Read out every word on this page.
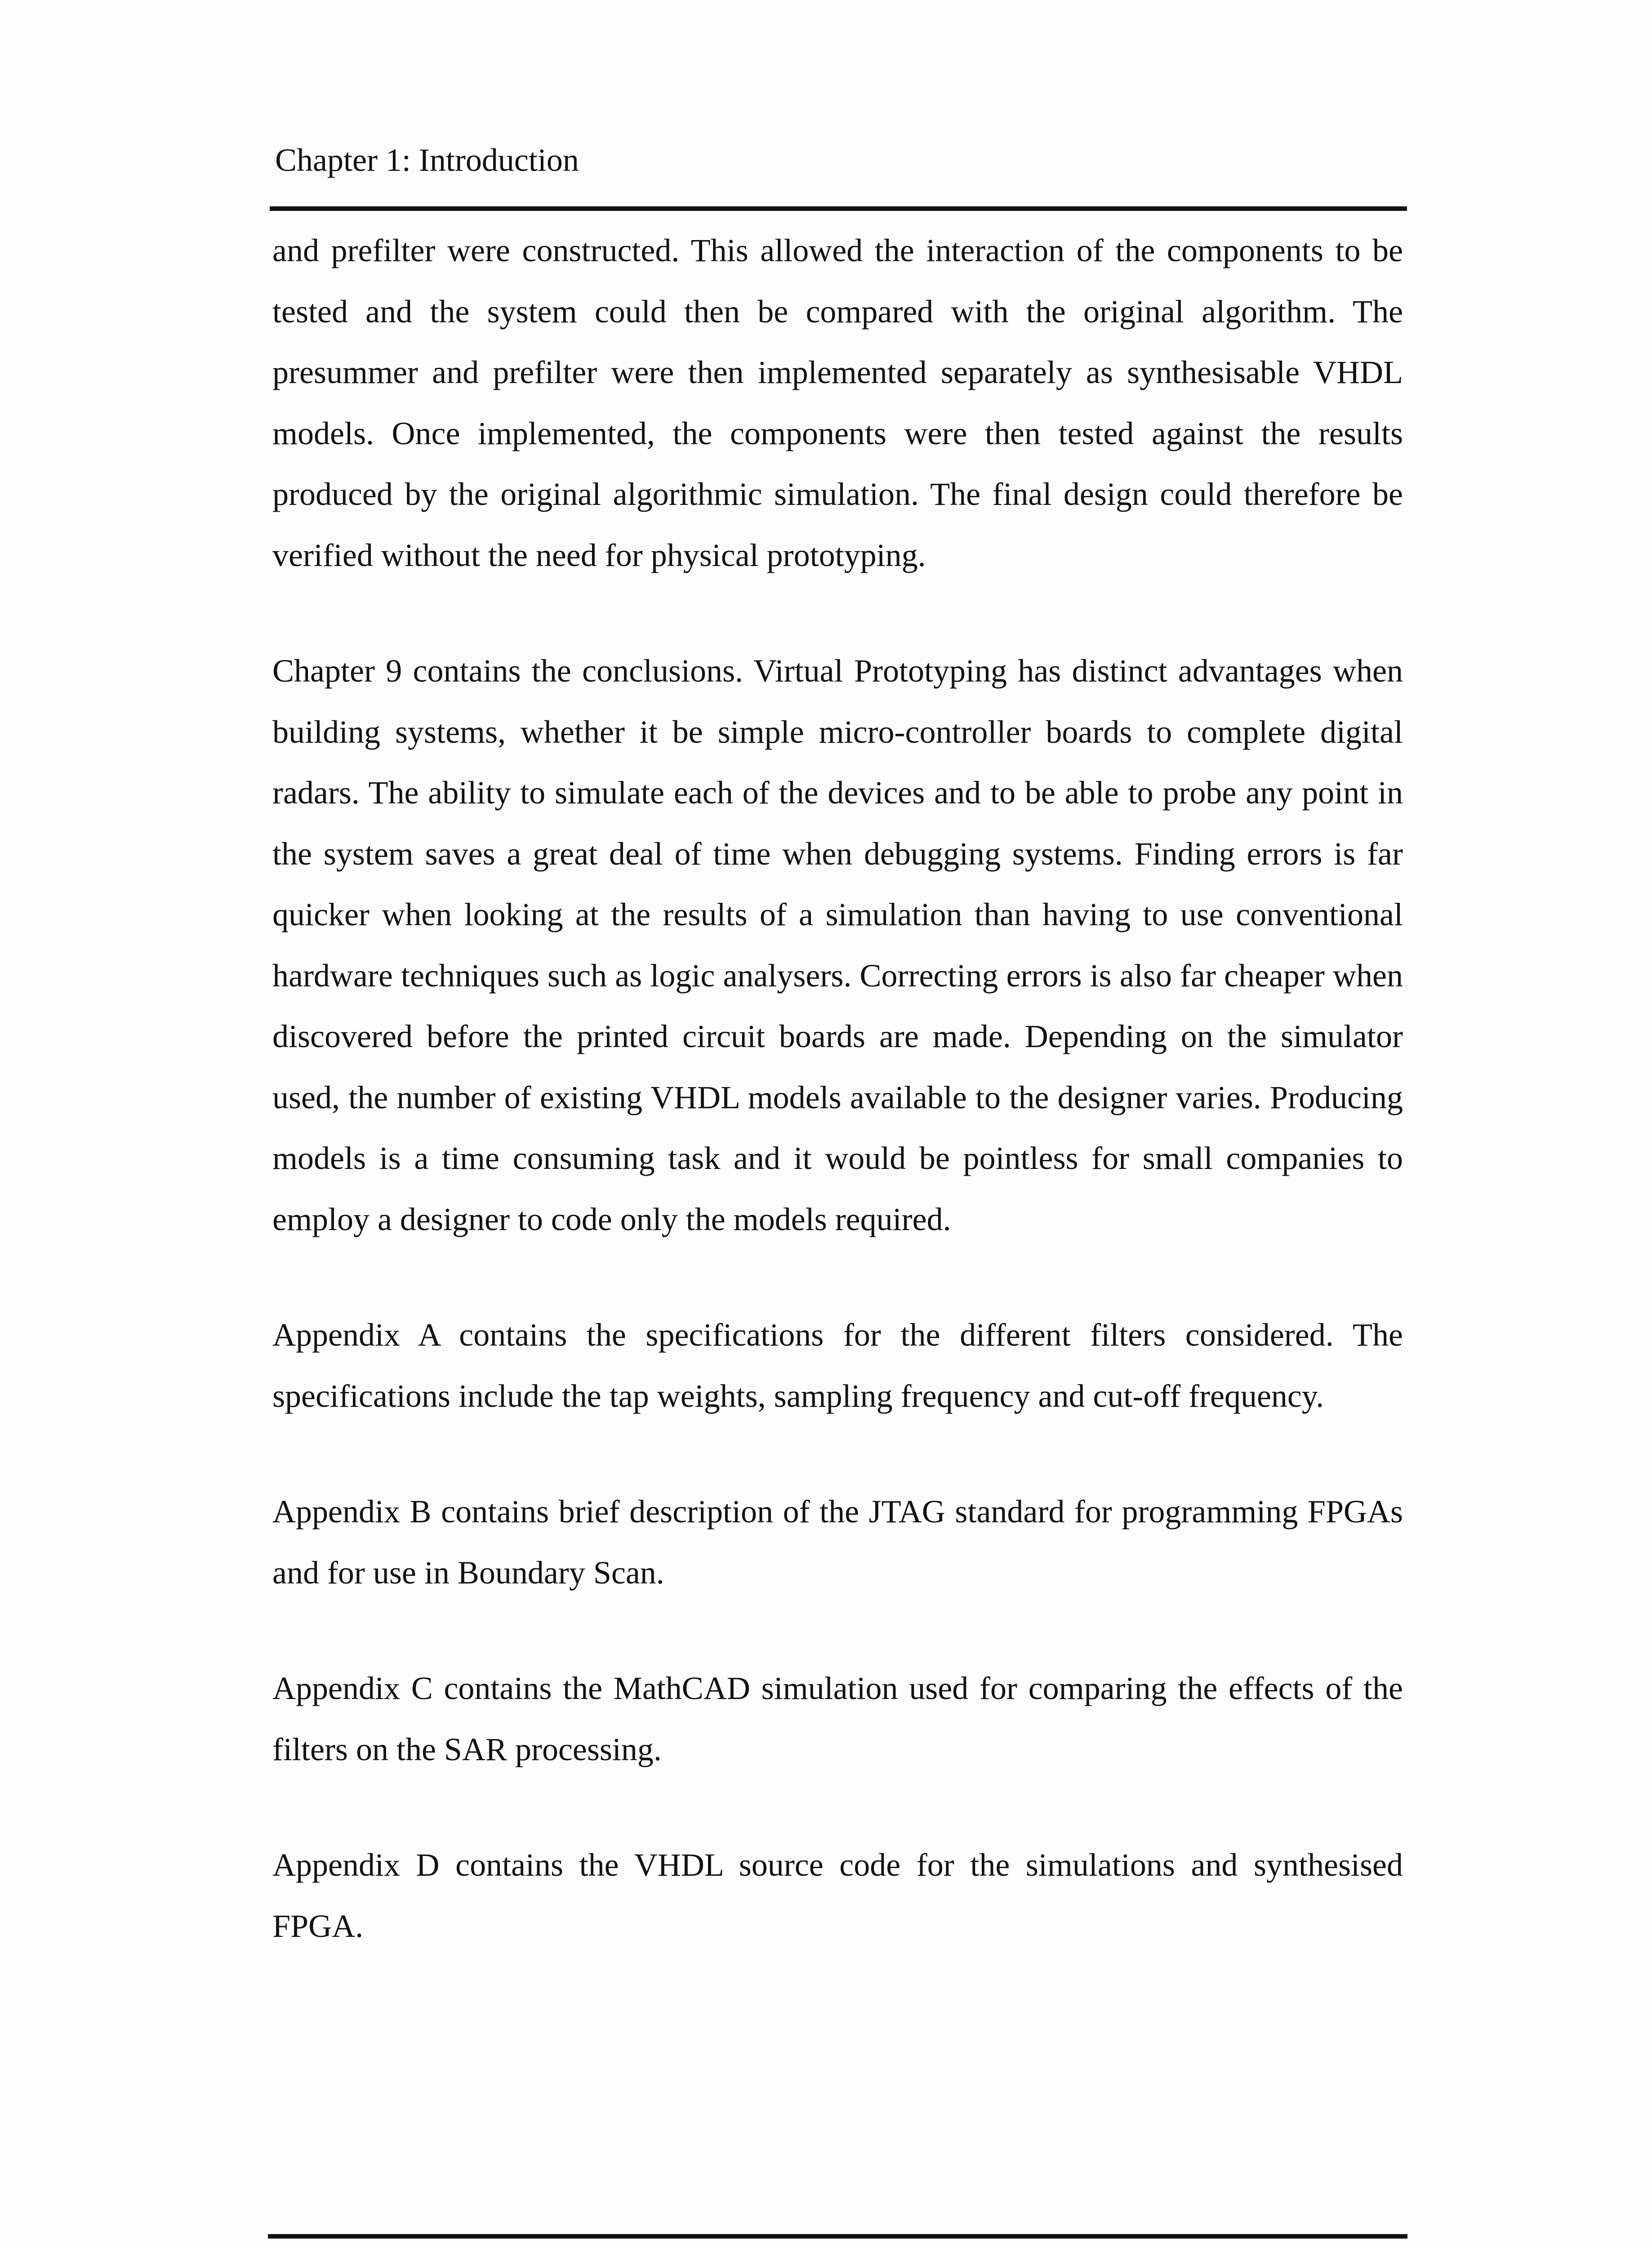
Chapter 1: Introduction

and prefilter were constructed. This allowed the interaction of the components to be tested and the system could then be compared with the original algorithm. The presummer and prefilter were then implemented separately as synthesisable VHDL models. Once implemented, the components were then tested against the results produced by the original algorithmic simulation. The final design could therefore be verified without the need for physical prototyping.

Chapter 9 contains the conclusions. Virtual Prototyping has distinct advantages when building systems, whether it be simple micro-controller boards to complete digital radars. The ability to simulate each of the devices and to be able to probe any point in the system saves a great deal of time when debugging systems. Finding errors is far quicker when looking at the results of a simulation than having to use conventional hardware techniques such as logic analysers. Correcting errors is also far cheaper when discovered before the printed circuit boards are made. Depending on the simulator used, the number of existing VHDL models available to the designer varies. Producing models is a time consuming task and it would be pointless for small companies to employ a designer to code only the models required.

Appendix A contains the specifications for the different filters considered. The specifications include the tap weights, sampling frequency and cut-off frequency.

Appendix B contains brief description of the JTAG standard for programming FPGAs and for use in Boundary Scan.

Appendix C contains the MathCAD simulation used for comparing the effects of the filters on the SAR processing.

Appendix D contains the VHDL source code for the simulations and synthesised FPGA.
